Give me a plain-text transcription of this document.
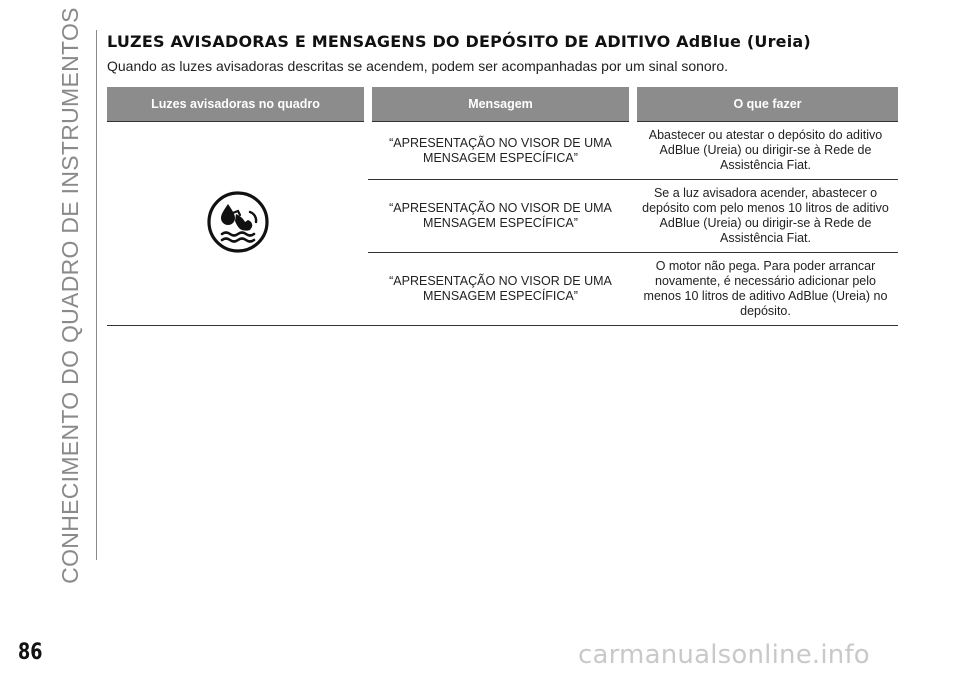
CONHECIMENTO DO QUADRO DE INSTRUMENTOS LUZES AVISADORAS E MENSAGENS DO DEPÓSITO DE ADITIVO AdBlue (Ureia)
Quando as luzes avisadoras descritas se acendem, podem ser acompanhadas por um sinal sonoro.
Luzes avisadoras no quadro	Mensagem	O que fazer
	“APRESENTAÇÃO NO VISOR DE UMA MENSAGEM ESPECÍFICA”	Abastecer ou atestar o depósito do aditivo AdBlue (Ureia) ou dirigir-se à Rede de Assistência Fiat.
	“APRESENTAÇÃO NO VISOR DE UMA MENSAGEM ESPECÍFICA”	Se a luz avisadora acender, abastecer o depósito com pelo menos 10 litros de aditivo AdBlue (Ureia) ou dirigir-se à Rede de Assistência Fiat.
	“APRESENTAÇÃO NO VISOR DE UMA MENSAGEM ESPECÍFICA”	O motor não pega. Para poder arrancar novamente, é necessário adicionar pelo menos 10 litros de aditivo AdBlue (Ureia) no depósito.
86	carmanualsonline.info
